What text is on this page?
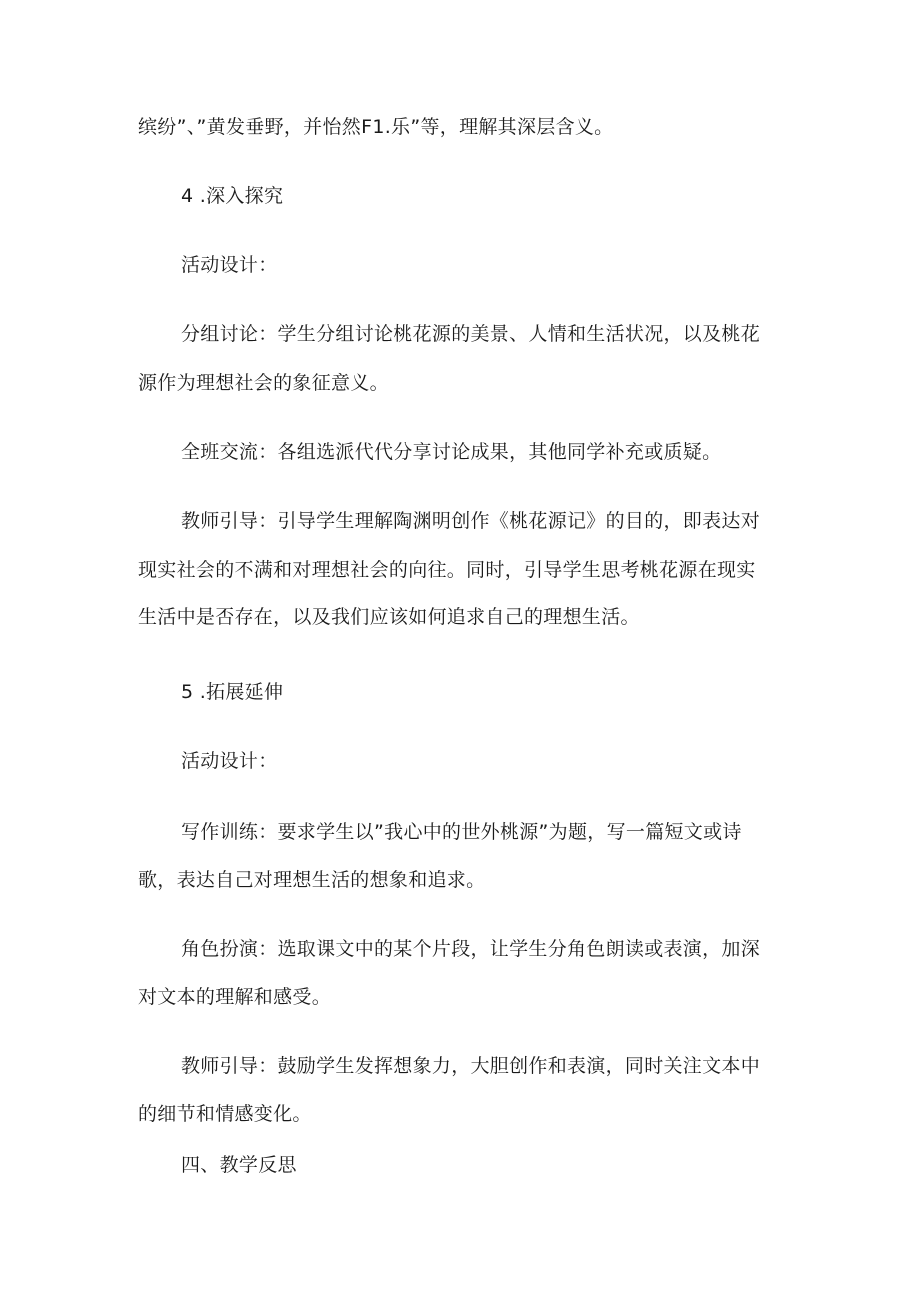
缤纷”、”黄发垂野，并怡然F1.乐”等，理解其深层含义。
4 .深入探究
活动设计：
分组讨论：学生分组讨论桃花源的美景、人情和生活状况，以及桃花
源作为理想社会的象征意义。
全班交流：各组选派代代分享讨论成果，其他同学补充或质疑。
教师引导：引导学生理解陶渊明创作《桃花源记》的目的，即表达对
现实社会的不满和对理想社会的向往。同时，引导学生思考桃花源在现实
生活中是否存在，以及我们应该如何追求自己的理想生活。
5 .拓展延伸
活动设计：
写作训练：要求学生以”我心中的世外桃源”为题，写一篇短文或诗
歌，表达自己对理想生活的想象和追求。
角色扮演：选取课文中的某个片段，让学生分角色朗读或表演，加深
对文本的理解和感受。
教师引导：鼓励学生发挥想象力，大胆创作和表演，同时关注文本中
的细节和情感变化。
四、教学反思
